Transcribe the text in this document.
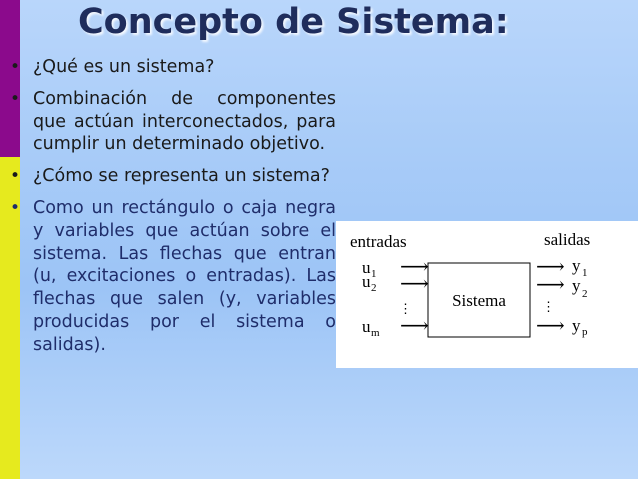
Concepto de Sistema:
• ¿Qué es un sistema?
• Combinación de componentes que actúan interconectados, para cumplir un determinado objetivo.
• ¿Cómo se representa un sistema?
• Como un rectángulo o caja negra y variables que actúan sobre el sistema. Las flechas que entran (u, excitaciones o entradas). Las flechas que salen (y, variables producidas por el sistema o salidas).
entradas	salidas
Sistema
u 1 ⟶
u 2 ⟶
⋮
u m ⟶
⟶ y 1
⟶ y 2
⋮
⟶ y p
